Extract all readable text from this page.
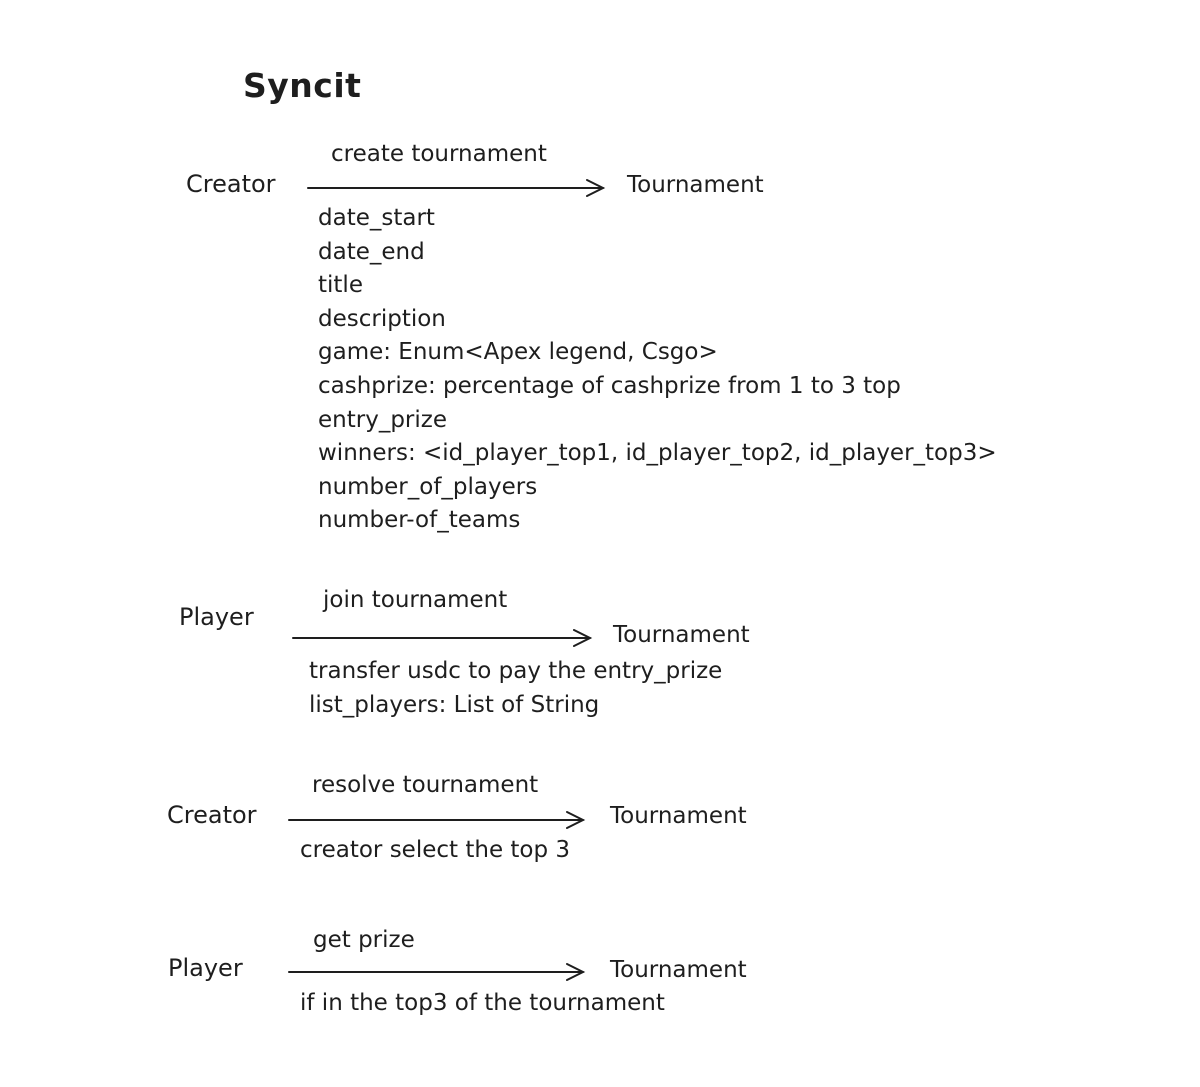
Syncit
Creator
create tournament
Tournament
date_start
date_end
title
description
game: Enum<Apex legend, Csgo>
cashprize: percentage of cashprize from 1 to 3 top
entry_prize
winners: <id_player_top1, id_player_top2, id_player_top3>
number_of_players
number-of_teams
Player
join tournament
Tournament
transfer usdc to pay the entry_prize
list_players: List of String
Creator
resolve tournament
Tournament
creator select the top 3
Player
get prize
Tournament
if in the top3 of the tournament
